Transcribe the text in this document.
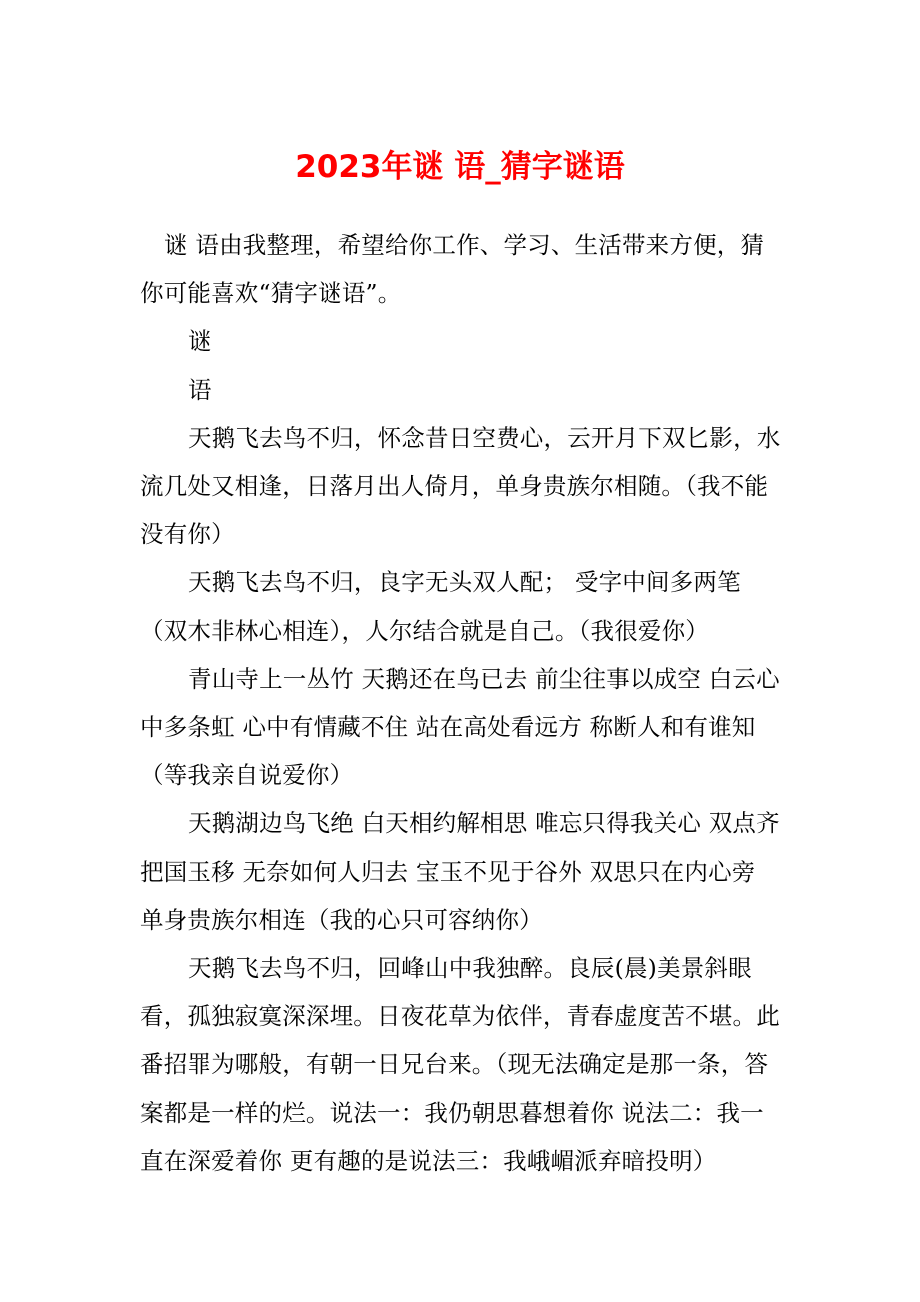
2023年谜 语_猜字谜语

谜 语由我整理，希望给你工作、学习、生活带来方便，猜你可能喜欢“猜字谜语”。

谜

语

天鹅飞去鸟不归，怀念昔日空费心，云开月下双匕影，水流几处又相逢，日落月出人倚月，单身贵族尔相随。（我不能没有你）

天鹅飞去鸟不归，良字无头双人配； 受字中间多两笔（双木非林心相连），人尔结合就是自己。（我很爱你）

青山寺上一丛竹 天鹅还在鸟已去 前尘往事以成空 白云心中多条虹 心中有情藏不住 站在高处看远方 称断人和有谁知（等我亲自说爱你）

天鹅湖边鸟飞绝 白天相约解相思 唯忘只得我关心 双点齐把国玉移 无奈如何人归去 宝玉不见于谷外 双思只在内心旁 单身贵族尔相连（我的心只可容纳你）

天鹅飞去鸟不归，回峰山中我独醉。良辰(晨)美景斜眼看，孤独寂寞深深埋。日夜花草为依伴，青春虚度苦不堪。此番招罪为哪般，有朝一日兄台来。（现无法确定是那一条，答案都是一样的烂。说法一：我仍朝思暮想着你 说法二：我一直在深爱着你 更有趣的是说法三：我峨嵋派弃暗投明）
